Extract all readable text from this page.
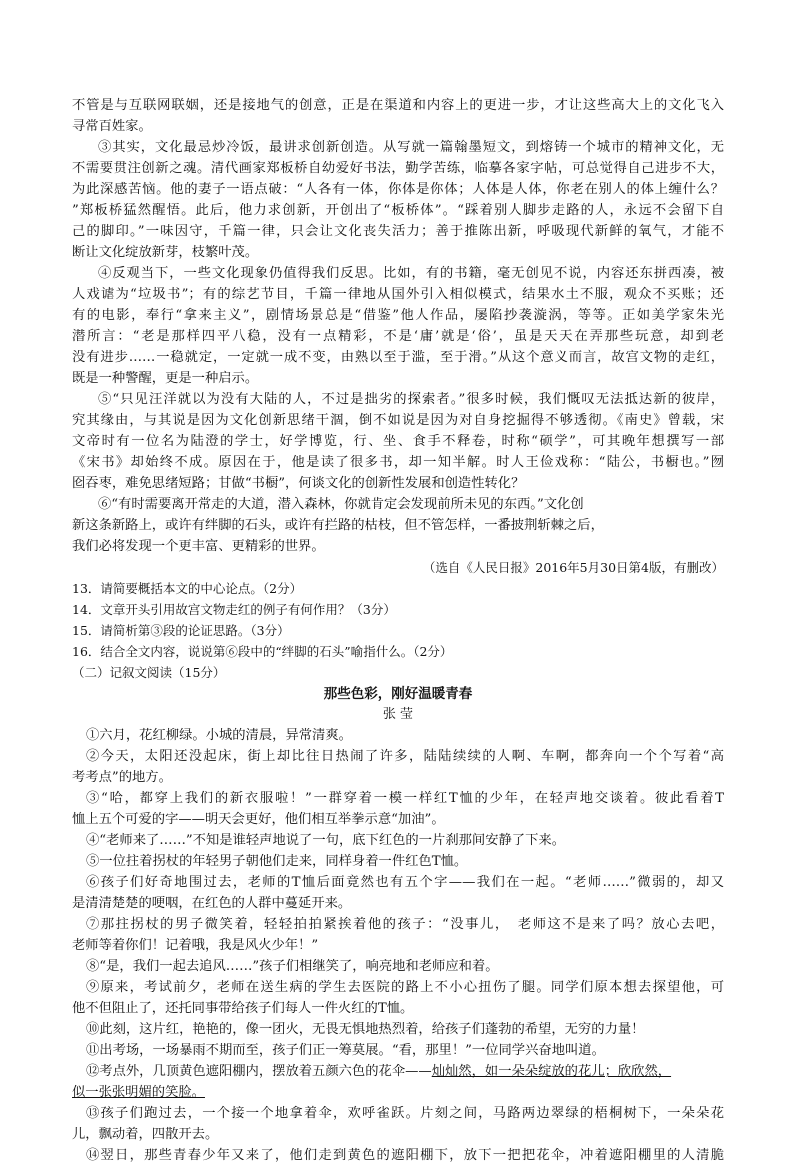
不管是与互联网联姻，还是接地气的创意，正是在渠道和内容上的更进一步，才让这些高大上的文化飞入
寻常百姓家。
③其实，文化最忌炒冷饭，最讲求创新创造。从写就一篇翰墨短文，到熔铸一个城市的精神文化，无
不需要贯注创新之魂。清代画家郑板桥自幼爱好书法，勤学苦练，临摹各家字帖，可总觉得自己进步不大，
为此深感苦恼。他的妻子一语点破：“人各有一体，你体是你体；人体是人体，你老在别人的体上缠什么？
”郑板桥猛然醒悟。此后，他力求创新，开创出了“板桥体”。“踩着别人脚步走路的人，永远不会留下自
己的脚印。”一味因守，千篇一律，只会让文化丧失活力；善于推陈出新，呼吸现代新鲜的氧气，才能不
断让文化绽放新芽，枝繁叶茂。
④反观当下，一些文化现象仍值得我们反思。比如，有的书籍，毫无创见不说，内容还东拼西凑，被
人戏谑为“垃圾书”；有的综艺节目，千篇一律地从国外引入相似模式，结果水土不服，观众不买账；还
有的电影，奉行“拿来主义”，剧情场景总是“借鉴”他人作品，屡陷抄袭漩涡，等等。正如美学家朱光
潜所言：“老是那样四平八稳，没有一点精彩，不是‘庸’就是‘俗’，虽是天天在弄那些玩意，却到老
没有进步……一稳就定，一定就一成不变，由熟以至于滥，至于滑。”从这个意义而言，故宫文物的走红，
既是一种警醒，更是一种启示。
⑤“只见汪洋就以为没有大陆的人，不过是拙劣的探索者。”很多时候，我们慨叹无法抵达新的彼岸，
究其缘由，与其说是因为文化创新思绪干涸，倒不如说是因为对自身挖掘得不够透彻。《南史》曾载，宋
文帝时有一位名为陆澄的学士，好学博览，行、坐、食手不释卷，时称“硕学”，可其晚年想撰写一部
《宋书》却始终不成。原因在于，他是读了很多书，却一知半解。时人王俭戏称：“陆公，书橱也。”囫
囵吞枣，难免思绪短路；甘做“书橱”，何谈文化的创新性发展和创造性转化？
⑥“有时需要离开常走的大道，潜入森林，你就肯定会发现前所未见的东西。”文化创
新这条新路上，或许有绊脚的石头，或许有拦路的枯枝，但不管怎样，一番披荆斩棘之后，
我们必将发现一个更丰富、更精彩的世界。
（选自《人民日报》2016年5月30日第4版，有删改）
13．请简要概括本文的中心论点。（2分）
14．文章开头引用故宫文物走红的例子有何作用？（3分）
15．请简析第③段的论证思路。（3分）
16．结合全文内容，说说第⑥段中的“绊脚的石头”喻指什么。（2分）
（二）记叙文阅读（15分）
那些色彩，刚好温暖青春
张 莹
①六月，花红柳绿。小城的清晨，异常清爽。
②今天，太阳还没起床，街上却比往日热闹了许多，陆陆续续的人啊、车啊，都奔向一个个写着“高
考考点”的地方。
③“哈，都穿上我们的新衣服啦！”一群穿着一模一样红T恤的少年，在轻声地交谈着。彼此看着T
恤上五个可爱的字——明天会更好，他们相互举拳示意“加油”。
④“老师来了……”不知是谁轻声地说了一句，底下红色的一片刹那间安静了下来。
⑤一位拄着拐杖的年轻男子朝他们走来，同样身着一件红色T恤。
⑥孩子们好奇地围过去，老师的T恤后面竟然也有五个字——我们在一起。“老师……”微弱的，却又
是清清楚楚的哽咽，在红色的人群中蔓延开来。
⑦那拄拐杖的男子微笑着，轻轻拍拍紧挨着他的孩子：“没事儿，　老师这不是来了吗？放心去吧，
老师等着你们！记着哦，我是风火少年！”
⑧“是，我们一起去追风……”孩子们相继笑了，响亮地和老师应和着。
⑨原来，考试前夕，老师在送生病的学生去医院的路上不小心扭伤了腿。同学们原本想去探望他，可
他不但阻止了，还托同事带给孩子们每人一件火红的T恤。
⑩此刻，这片红，艳艳的，像一团火，无畏无惧地热烈着，给孩子们蓬勃的希望，无穷的力量！
⑪出考场，一场暴雨不期而至，孩子们正一筹莫展。“看，那里！”一位同学兴奋地叫道。
⑫考点外，几顶黄色遮阳棚内，摆放着五颜六色的花伞——灿灿然，如一朵朵绽放的花儿；欣欣然，
似一张张明媚的笑脸。
⑬孩子们跑过去，一个接一个地拿着伞，欢呼雀跃。片刻之间，马路两边翠绿的梧桐树下，一朵朵花
儿，飘动着，四散开去。
⑭翌日，那些青春少年又来了，他们走到黄色的遮阳棚下，放下一把把花伞，冲着遮阳棚里的人清脆
